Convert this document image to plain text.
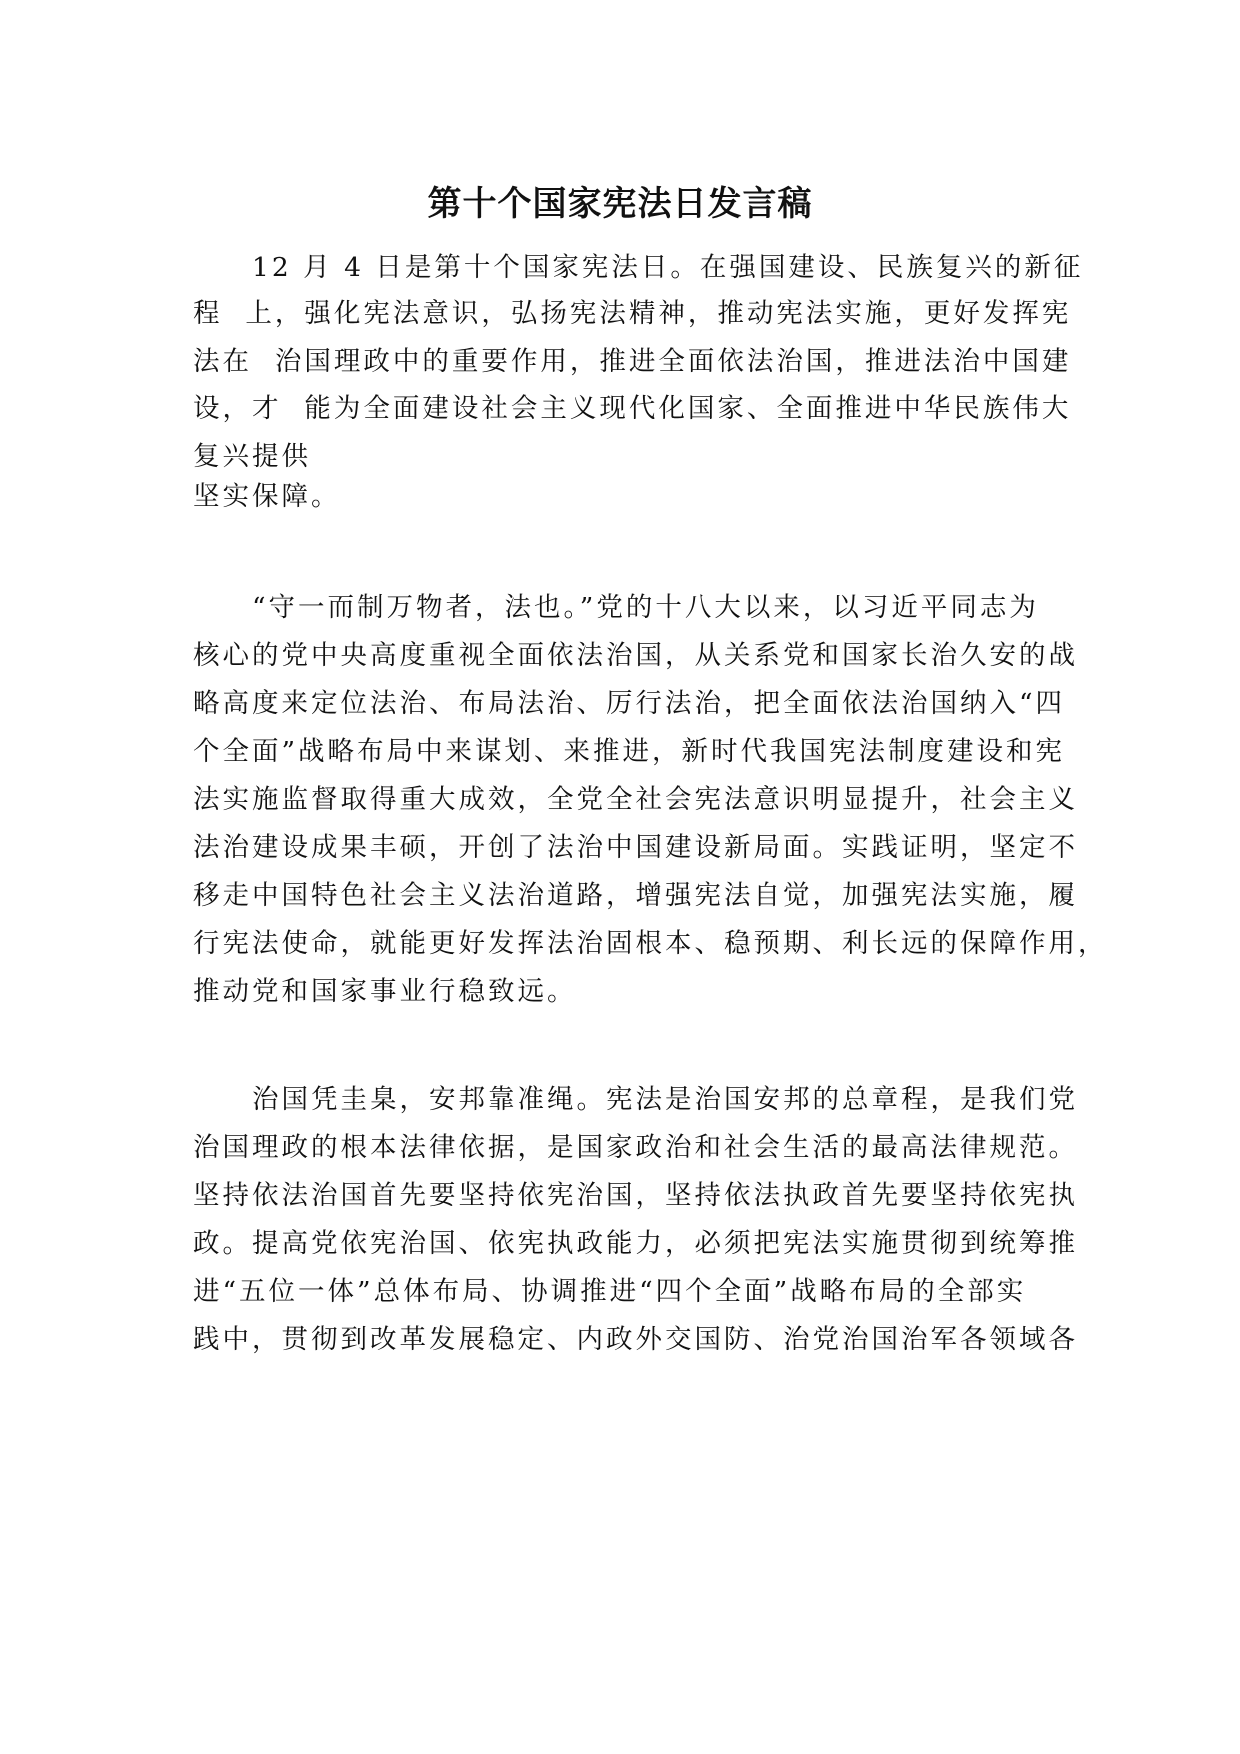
第十个国家宪法日发言稿

　　12 月 4 日是第十个国家宪法日。在强国建设、民族复兴的新征

程  上，强化宪法意识，弘扬宪法精神，推动宪法实施，更好发挥宪

法在  治国理政中的重要作用，推进全面依法治国，推进法治中国建

设，才  能为全面建设社会主义现代化国家、全面推进中华民族伟大

复兴提供

坚实保障。

　　“守一而制万物者，法也。”党的十八大以来，以习近平同志为

核心的党中央高度重视全面依法治国，从关系党和国家长治久安的战

略高度来定位法治、布局法治、厉行法治，把全面依法治国纳入“四

个全面”战略布局中来谋划、来推进，新时代我国宪法制度建设和宪

法实施监督取得重大成效，全党全社会宪法意识明显提升，社会主义

法治建设成果丰硕，开创了法治中国建设新局面。实践证明，坚定不

移走中国特色社会主义法治道路，增强宪法自觉，加强宪法实施，履

行宪法使命，就能更好发挥法治固根本、稳预期、利长远的保障作用，

推动党和国家事业行稳致远。

　　治国凭圭臬，安邦靠准绳。宪法是治国安邦的总章程，是我们党

治国理政的根本法律依据，是国家政治和社会生活的最高法律规范。

坚持依法治国首先要坚持依宪治国，坚持依法执政首先要坚持依宪执

政。提高党依宪治国、依宪执政能力，必须把宪法实施贯彻到统筹推

进“五位一体”总体布局、协调推进“四个全面”战略布局的全部实

践中，贯彻到改革发展稳定、内政外交国防、治党治国治军各领域各
